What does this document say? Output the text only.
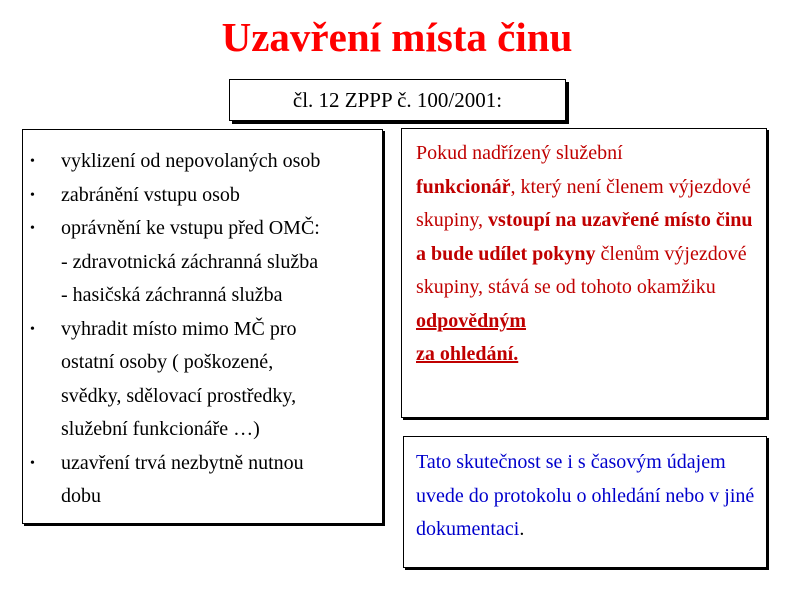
Uzavření místa činu
čl. 12 ZPPP č. 100/2001:
• vyklizení od nepovolaných osob
• zabránění vstupu osob
• oprávnění ke vstupu před OMČ:
- zdravotnická záchranná služba
- hasičská záchranná služba
• vyhradit místo mimo MČ pro
ostatní osoby ( poškozené,
svědky, sdělovací prostředky,
služební funkcionáře …)
• uzavření trvá nezbytně nutnou
dobu
Pokud nadřízený služební
funkcionář, který není členem výjezdové skupiny, vstoupí na uzavřené místo činu a bude udílet pokyny členům výjezdové skupiny, stává se od tohoto okamžiku odpovědným
za ohledání.
Tato skutečnost se i s časovým údajem uvede do protokolu o ohledání nebo v jiné dokumentaci.
